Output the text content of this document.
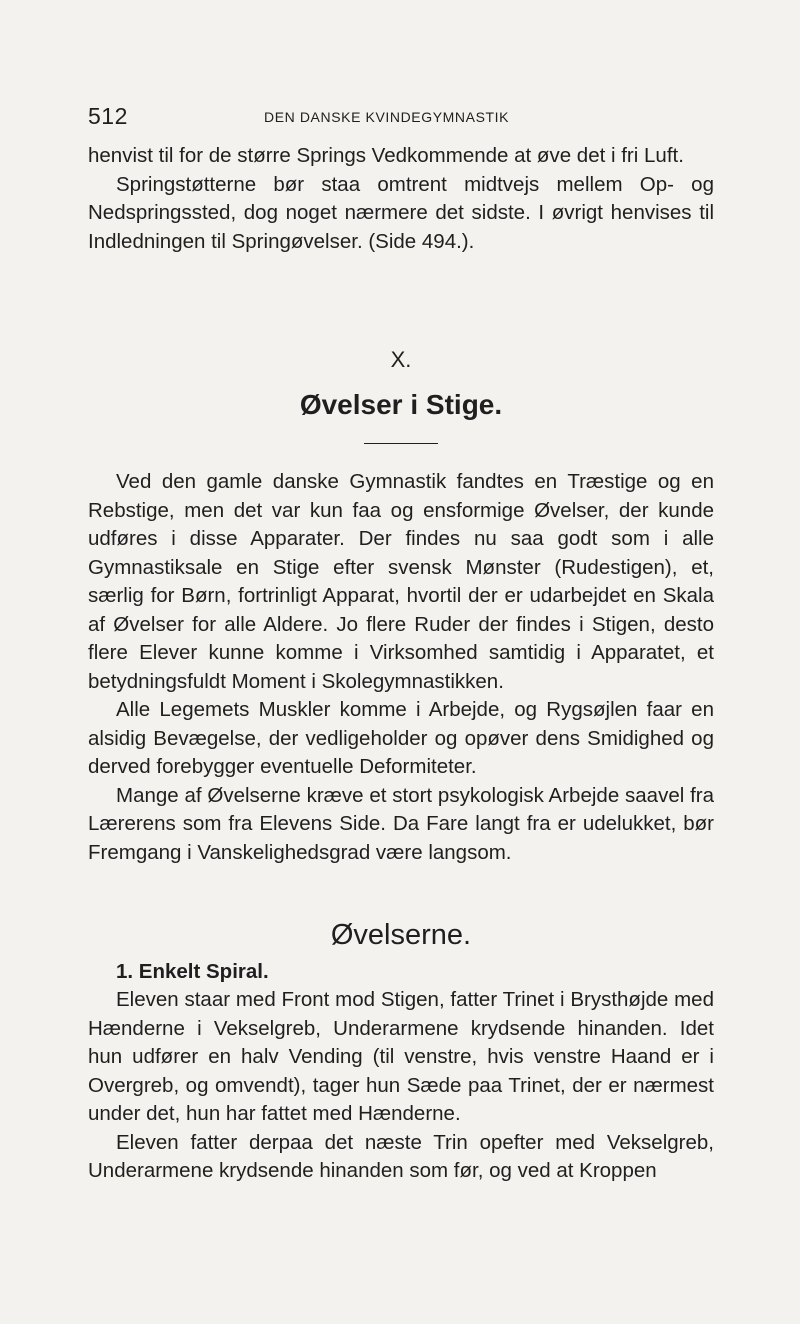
512	DEN DANSKE KVINDEGYMNASTIK

henvist til for de større Springs Vedkommende at øve det i fri Luft.

Springstøtterne bør staa omtrent midtvejs mellem Op- og Nedspringssted, dog noget nærmere det sidste. I øvrigt henvises til Indledningen til Springøvelser. (Side 494.).

X.

Øvelser i Stige.

Ved den gamle danske Gymnastik fandtes en Træstige og en Rebstige, men det var kun faa og ensformige Øvelser, der kunde udføres i disse Apparater. Der findes nu saa godt som i alle Gymnastiksale en Stige efter svensk Mønster (Rudestigen), et, særlig for Børn, fortrinligt Apparat, hvortil der er udarbejdet en Skala af Øvelser for alle Aldere. Jo flere Ruder der findes i Stigen, desto flere Elever kunne komme i Virksomhed samtidig i Apparatet, et betydningsfuldt Moment i Skolegymnastikken.

Alle Legemets Muskler komme i Arbejde, og Rygsøjlen faar en alsidig Bevægelse, der vedligeholder og opøver dens Smidighed og derved forebygger eventuelle Deformiteter.

Mange af Øvelserne kræve et stort psykologisk Arbejde saavel fra Lærerens som fra Elevens Side. Da Fare langt fra er udelukket, bør Fremgang i Vanskelighedsgrad være langsom.

Øvelserne.

1. Enkelt Spiral.

Eleven staar med Front mod Stigen, fatter Trinet i Brysthøjde med Hænderne i Vekselgreb, Underarmene krydsende hinanden. Idet hun udfører en halv Vending (til venstre, hvis venstre Haand er i Overgreb, og omvendt), tager hun Sæde paa Trinet, der er nærmest under det, hun har fattet med Hænderne.

Eleven fatter derpaa det næste Trin opefter med Vekselgreb, Underarmene krydsende hinanden som før, og ved at Kroppen
